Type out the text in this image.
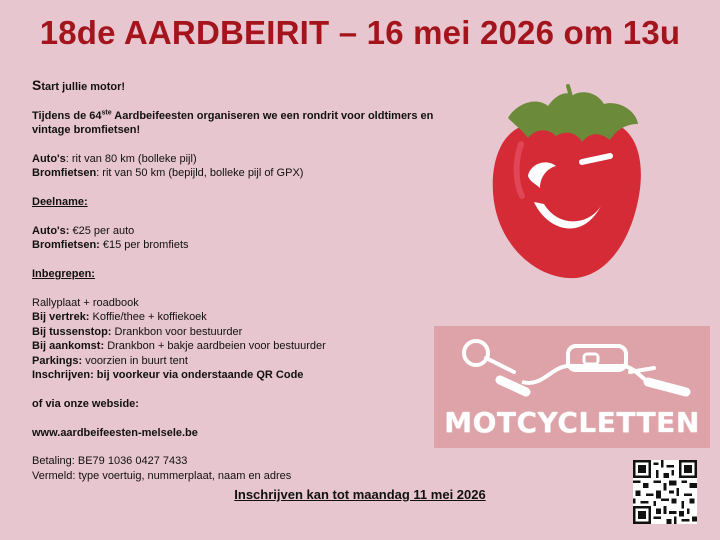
18de AARDBEIRIT – 16 mei 2026 om 13u

Start jullie motor!

Tijdens de 64ste Aardbeifeesten organiseren we een rondrit voor oldtimers en vintage bromfietsen!

Auto's: rit van 80 km (bolleke pijl)

Bromfietsen: rit van 50 km (bepijld, bolleke pijl of GPX)

Deelname:

Auto's: €25 per auto

Bromfietsen: €15 per bromfiets

Inbegrepen:

Rallyplaat + roadbook

Bij vertrek: Koffie/thee + koffiekoek

Bij tussenstop: Drankbon voor bestuurder

Bij aankomst: Drankbon + bakje aardbeien voor bestuurder

Parkings: voorzien in buurt tent

Inschrijven: bij voorkeur via onderstaande QR Code

of via onze webside:

www.aardbeifeesten-melsele.be

Betaling: BE79 1036 0427 7433

Vermeld: type voertuig, nummerplaat, naam en adres

Inschrijven kan tot maandag 11 mei 2026
MOTCYCLETTEN
